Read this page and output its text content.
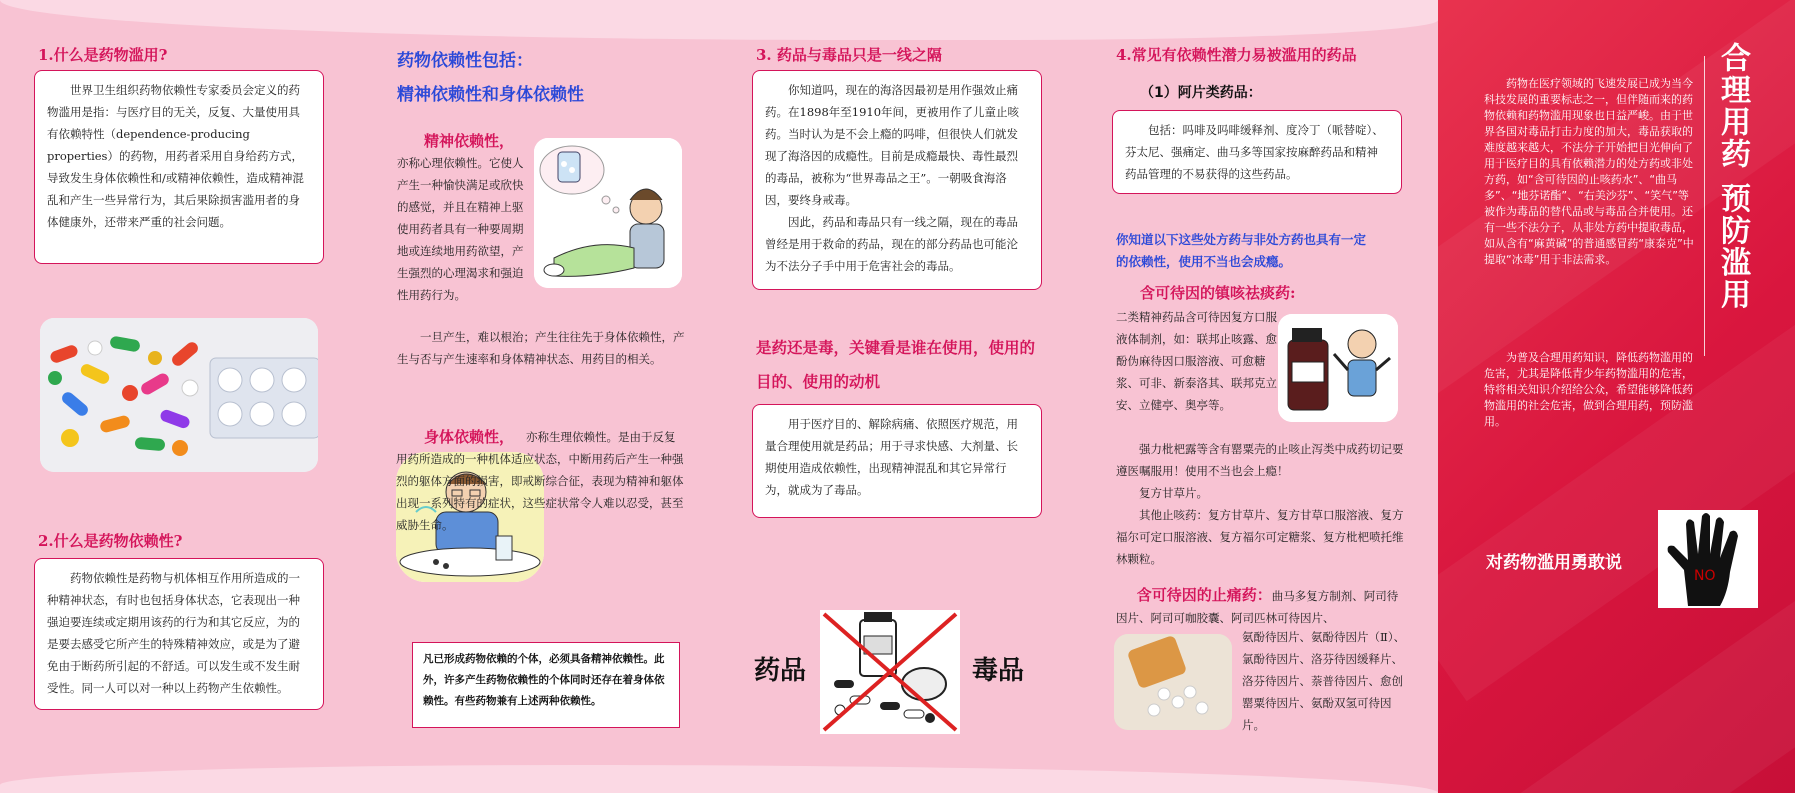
1.什么是药物滥用?
世界卫生组织药物依赖性专家委员会定义的药物滥用是指：与医疗目的无关，反复、大量使用具有依赖特性（dependence-producing properties）的药物，用药者采用自身给药方式，导致发生身体依赖性和/或精神依赖性，造成精神混乱和产生一些异常行为，其后果除损害滥用者的身体健康外，还带来严重的社会问题。
2.什么是药物依赖性?
药物依赖性是药物与机体相互作用所造成的一种精神状态，有时也包括身体状态，它表现出一种强迫要连续或定期用该药的行为和其它反应，为的是要去感受它所产生的特殊精神效应，或是为了避免由于断药所引起的不舒适。可以发生或不发生耐受性。同一人可以对一种以上药物产生依赖性。
药物依赖性包括：
精神依赖性和身体依赖性
精神依赖性，
亦称心理依赖性。它使人产生一种愉快满足或欣快的感觉，并且在精神上驱使用药者具有一种要周期地或连续地用药欲望，产生强烈的心理渴求和强迫性用药行为。
一旦产生，难以根治；产生往往先于身体依赖性，产生与否与产生速率和身体精神状态、用药目的相关。
身体依赖性，	亦称生理依赖性。是由于反复用药所造成的一种机体适应状态，中断用药后产生一种强烈的躯体方面的损害，即戒断综合征，表现为精神和躯体出现一系列特有的症状，这些症状常令人难以忍受，甚至威胁生命。
凡已形成药物依赖的个体，必须具备精神依赖性。此外，许多产生药物依赖性的个体同时还存在着身体依赖性。有些药物兼有上述两种依赖性。
3. 药品与毒品只是一线之隔
你知道吗，现在的海洛因最初是用作强效止痛药。在1898年至1910年间，更被用作了儿童止咳药。当时认为是不会上瘾的吗啡，但很快人们就发现了海洛因的成瘾性。目前是成瘾最快、毒性最烈的毒品，被称为“世界毒品之王”。一朝吸食海洛因，要终身戒毒。
因此，药品和毒品只有一线之隔，现在的毒品曾经是用于救命的药品，现在的部分药品也可能沦为不法分子手中用于危害社会的毒品。
是药还是毒，关键看是谁在使用，使用的
目的、使用的动机
用于医疗目的、解除病痛、依照医疗规范，用量合理使用就是药品；用于寻求快感、大剂量、长期使用造成依赖性，出现精神混乱和其它异常行为，就成为了毒品。
药品	毒品
4.常见有依赖性潜力易被滥用的药品
（1）阿片类药品：
包括：吗啡及吗啡缓释剂、度冷丁（哌替啶）、芬太尼、强痛定、曲马多等国家按麻醉药品和精神药品管理的不易获得的这些药品。
你知道以下这些处方药与非处方药也具有一定
的依赖性，使用不当也会成瘾。
含可待因的镇咳祛痰药:
二类精神药品含可待因复方口服液体制剂，如：联邦止咳露、愈酚伪麻待因口服溶液、可愈糖浆、可非、新泰洛其、联邦克立安、立健亭、奥亭等。
强力枇杷露等含有罂粟壳的止咳止泻类中成药切记要遵医嘱服用！使用不当也会上瘾！
复方甘草片。
其他止咳药：复方甘草片、复方甘草口服溶液、复方福尔可定口服溶液、复方福尔可定糖浆、复方枇杷喷托维林颗粒。
含可待因的止痛药：曲马多复方制剂、阿司待因片、阿司可咖胶囊、阿司匹林可待因片、
氨酚待因片、氨酚待因片（Ⅱ）、氯酚待因片、洛芬待因缓释片、洛芬待因片、萘普待因片、愈创罂粟待因片、氨酚双氢可待因片。
合理用药 预防滥用
药物在医疗领域的飞速发展已成为当今科技发展的重要标志之一，但伴随而来的药物依赖和药物滥用现象也日益严峻。由于世界各国对毒品打击力度的加大，毒品获取的难度越来越大，不法分子开始把目光伸向了用于医疗目的具有依赖潜力的处方药或非处方药，如“含可待因的止咳药水”、“曲马多”、“地芬诺酯”、“右美沙芬”、“笑气”等被作为毒品的替代品或与毒品合并使用。还有一些不法分子，从非处方药中提取毒品，如从含有“麻黄碱”的普通感冒药“康泰克”中提取“冰毒”用于非法需求。
为普及合理用药知识，降低药物滥用的危害，尤其是降低青少年药物滥用的危害，特将相关知识介绍给公众，希望能够降低药物滥用的社会危害，做到合理用药，预防滥用。
对药物滥用勇敢说
NO
